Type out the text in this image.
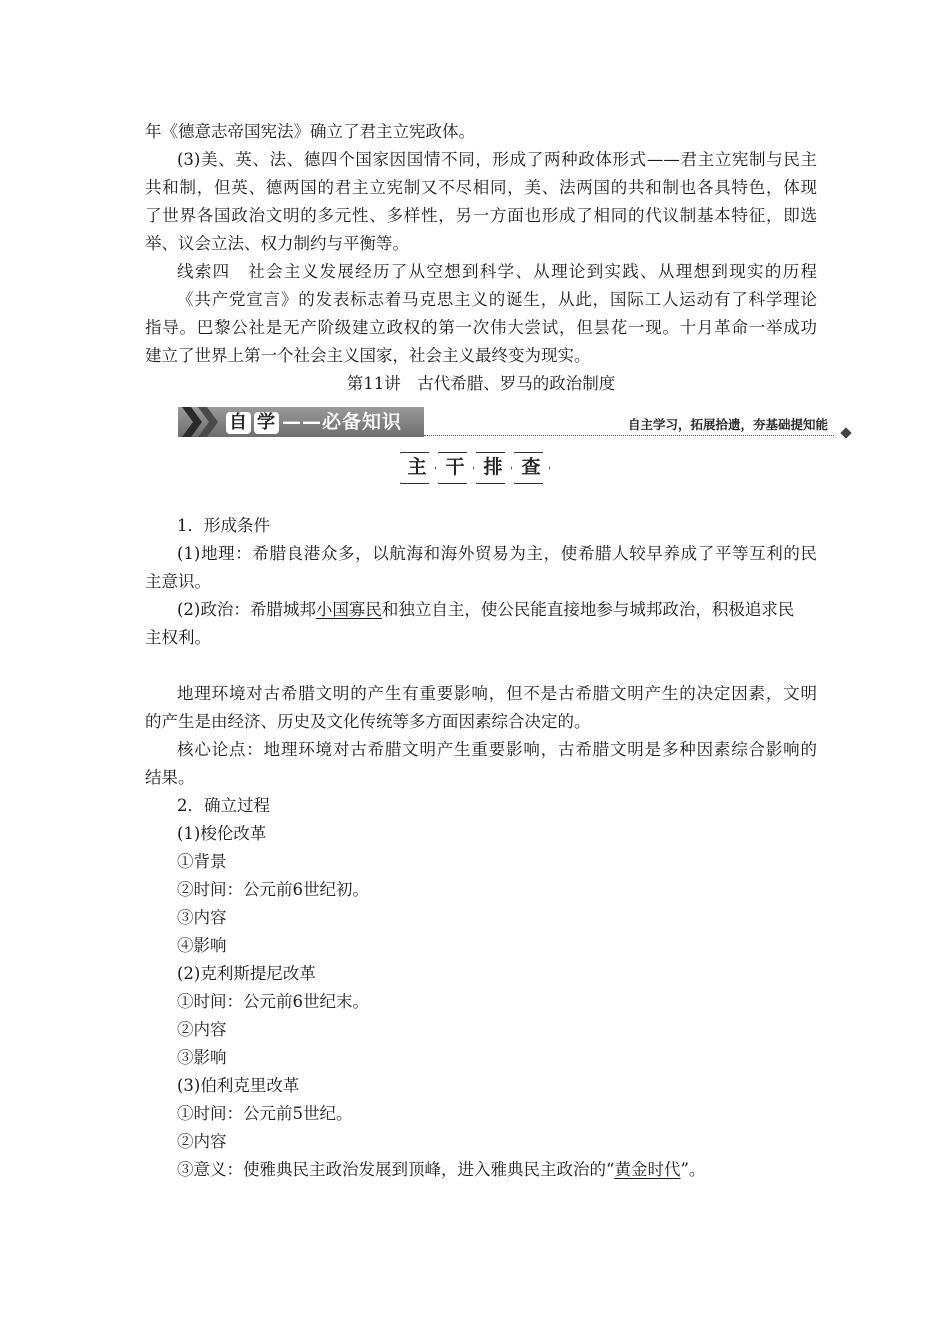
年《德意志帝国宪法》确立了君主立宪政体。
(3)美、英、法、德四个国家因国情不同，形成了两种政体形式——君主立宪制与民主
共和制，但英、德两国的君主立宪制又不尽相同，美、法两国的共和制也各具特色，体现
了世界各国政治文明的多元性、多样性，另一方面也形成了相同的代议制基本特征，即选
举、议会立法、权力制约与平衡等。
线索四　社会主义发展经历了从空想到科学、从理论到实践、从理想到现实的历程
《共产党宣言》的发表标志着马克思主义的诞生，从此，国际工人运动有了科学理论
指导。巴黎公社是无产阶级建立政权的第一次伟大尝试，但昙花一现。十月革命一举成功
建立了世界上第一个社会主义国家，社会主义最终变为现实。
第11讲　古代希腊、罗马的政治制度
自 学 ——必备知识	自主学习，拓展拾遗，夯基础提知能
主 干 排 查
1．形成条件
(1)地理：希腊良港众多，以航海和海外贸易为主，使希腊人较早养成了平等互利的民
主意识。
(2)政治：希腊城邦小国寡民和独立自主，使公民能直接地参与城邦政治，积极追求民
主权利。
地理环境对古希腊文明的产生有重要影响，但不是古希腊文明产生的决定因素，文明
的产生是由经济、历史及文化传统等多方面因素综合决定的。
核心论点：地理环境对古希腊文明产生重要影响，古希腊文明是多种因素综合影响的
结果。
2．确立过程
(1)梭伦改革
①背景
②时间：公元前6世纪初。
③内容
④影响
(2)克利斯提尼改革
①时间：公元前6世纪末。
②内容
③影响
(3)伯利克里改革
①时间：公元前5世纪。
②内容
③意义：使雅典民主政治发展到顶峰，进入雅典民主政治的“黄金时代”。
